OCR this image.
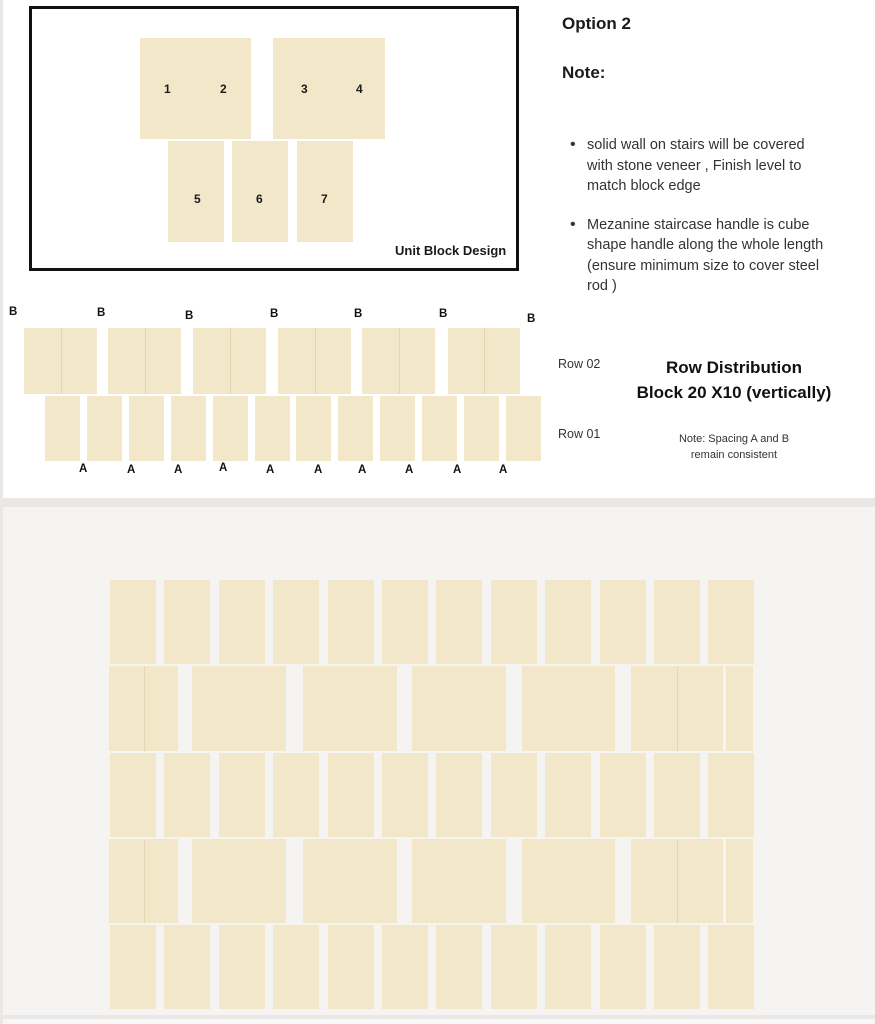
1	2	3	4
5	6	7
Unit Block Design
Option 2
Note:
• solid wall on stairs will be covered with stone veneer , Finish level to match block edge
• Mezanine staircase handle is cube shape handle along the whole length (ensure minimum size to cover steel rod )
B	B	B	B	B	B	B
A	A	A	A	A	A	A	A	A	A
Row 02
Row 01
Row Distribution
Block 20 X10 (vertically)
Note: Spacing A and B
remain consistent
